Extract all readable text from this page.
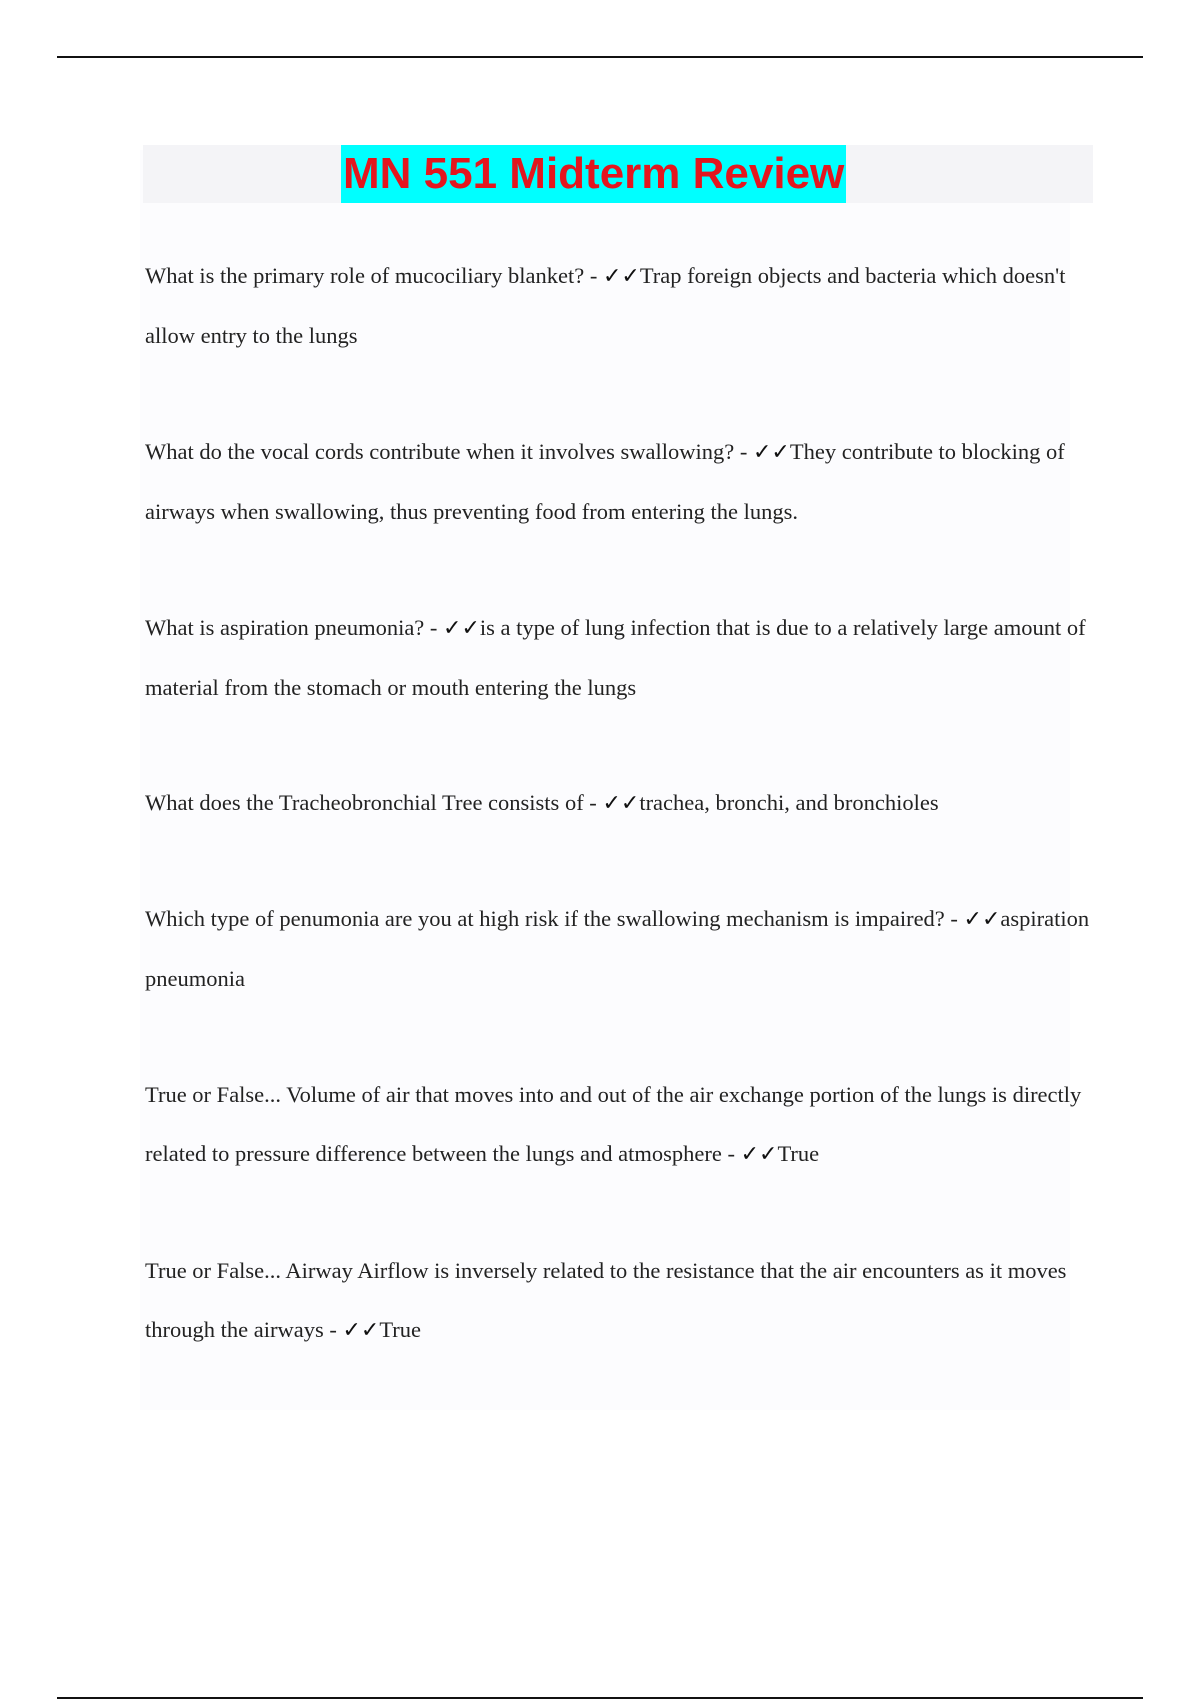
MN 551 Midterm Review

What is the primary role of mucociliary blanket? - ✓✓Trap foreign objects and bacteria which doesn't allow entry to the lungs

What do the vocal cords contribute when it involves swallowing? - ✓✓They contribute to blocking of airways when swallowing, thus preventing food from entering the lungs.

What is aspiration pneumonia? - ✓✓is a type of lung infection that is due to a relatively large amount of material from the stomach or mouth entering the lungs

What does the Tracheobronchial Tree consists of - ✓✓trachea, bronchi, and bronchioles

Which type of penumonia are you at high risk if the swallowing mechanism is impaired? - ✓✓aspiration pneumonia

True or False... Volume of air that moves into and out of the air exchange portion of the lungs is directly related to pressure difference between the lungs and atmosphere - ✓✓True

True or False... Airway Airflow is inversely related to the resistance that the air encounters as it moves through the airways - ✓✓True
